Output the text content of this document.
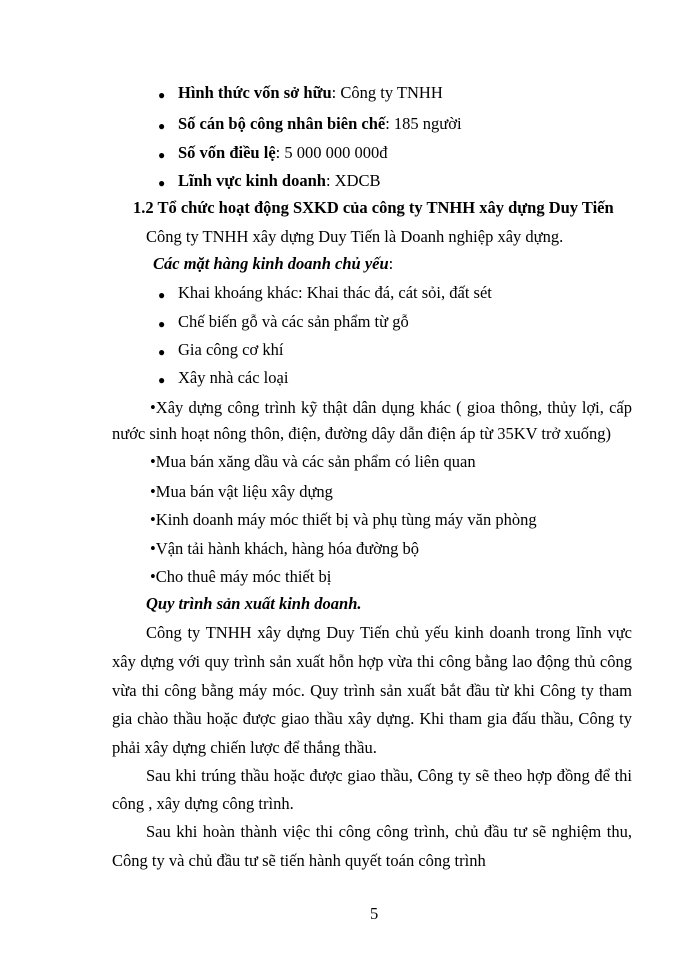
● Hình thức vốn sở hữu: Công ty TNHH
● Số cán bộ công nhân biên chế: 185 người
● Số vốn điều lệ: 5 000 000 000đ
● Lĩnh vực kinh doanh: XDCB
1.2 Tổ chức hoạt động SXKD của công ty TNHH xây dựng Duy Tiến
Công ty TNHH xây dựng Duy Tiến là Doanh nghiệp xây dựng.
Các mặt hàng kinh doanh chủ yếu:
● Khai khoáng khác: Khai thác đá, cát sỏi, đất sét
● Chế biến gỗ và các sản phẩm từ gỗ
● Gia công cơ khí
● Xây nhà các loại
•Xây dựng công trình kỹ thật dân dụng khác ( gioa thông, thủy lợi, cấp
nước sinh hoạt nông thôn, điện, đường dây dẫn điện áp từ 35KV trở xuống)
•Mua bán xăng dầu và các sản phẩm có liên quan
•Mua bán vật liệu xây dựng
•Kinh doanh máy móc thiết bị và phụ tùng máy văn phòng
•Vận tải hành khách, hàng hóa đường bộ
•Cho thuê máy móc thiết bị
Quy trình sản xuất kinh doanh.
Công ty TNHH xây dựng Duy Tiến chủ yếu kinh doanh trong lĩnh vực
xây dựng với quy trình sản xuất hỗn hợp vừa thi công bằng lao động thủ công
vừa thi công bằng máy móc. Quy trình sản xuất bắt đầu từ khi Công ty tham
gia chào thầu hoặc được giao thầu xây dựng. Khi tham gia đấu thầu, Công ty
phải xây dựng chiến lược để thắng thầu.
Sau khi trúng thầu hoặc được giao thầu, Công ty sẽ theo hợp đồng để thi
công , xây dựng công trình.
Sau khi hoàn thành việc thi công công trình, chủ đầu tư sẽ nghiệm thu,
Công ty và chủ đầu tư sẽ tiến hành quyết toán công trình
5
